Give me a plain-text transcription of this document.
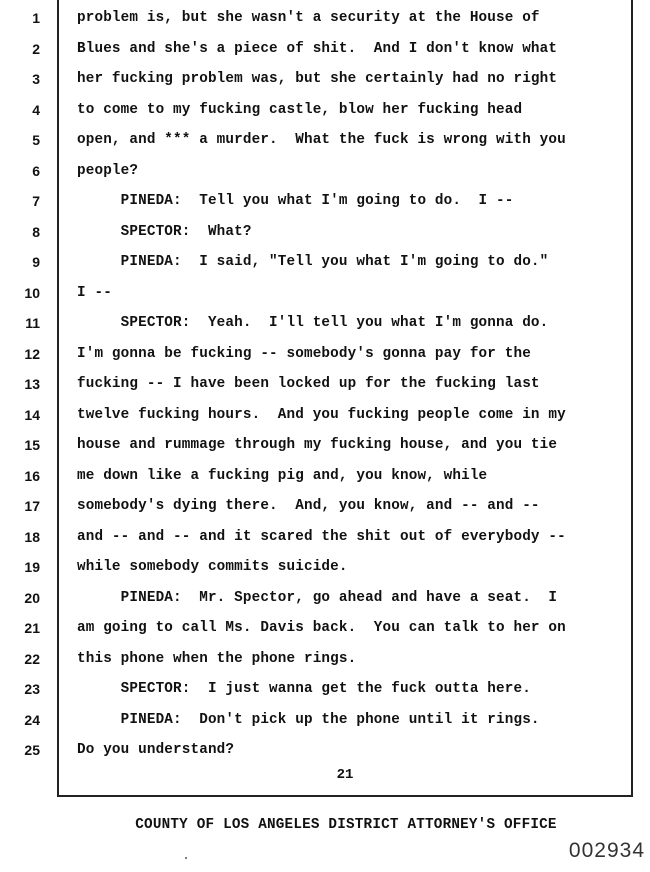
1	problem is, but she wasn't a security at the House of
2	Blues and she's a piece of shit.  And I don't know what
3	her fucking problem was, but she certainly had no right
4	to come to my fucking castle, blow her fucking head
5	open, and *** a murder.  What the fuck is wrong with you
6	people?
7	PINEDA:  Tell you what I'm going to do.  I --
8	SPECTOR:  What?
9	PINEDA:  I said, "Tell you what I'm going to do."
10	I --
11	SPECTOR:  Yeah.  I'll tell you what I'm gonna do.
12	I'm gonna be fucking -- somebody's gonna pay for the
13	fucking -- I have been locked up for the fucking last
14	twelve fucking hours.  And you fucking people come in my
15	house and rummage through my fucking house, and you tie
16	me down like a fucking pig and, you know, while
17	somebody's dying there.  And, you know, and -- and --
18	and -- and -- and it scared the shit out of everybody --
19	while somebody commits suicide.
20	PINEDA:  Mr. Spector, go ahead and have a seat.  I
21	am going to call Ms. Davis back.  You can talk to her on
22	this phone when the phone rings.
23	SPECTOR:  I just wanna get the fuck outta here.
24	PINEDA:  Don't pick up the phone until it rings.
25	Do you understand?
21
COUNTY OF LOS ANGELES DISTRICT ATTORNEY'S OFFICE
002934
